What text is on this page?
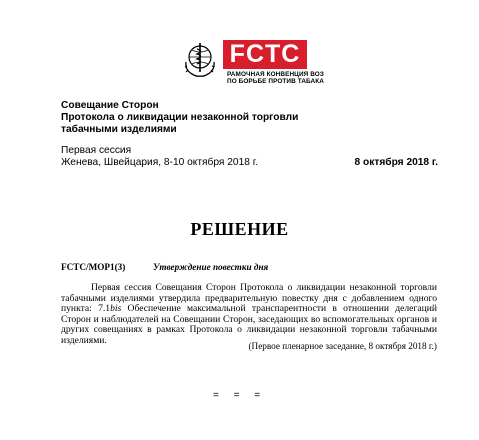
FCTC
РАМОЧНАЯ КОНВЕНЦИЯ ВОЗ
ПО БОРЬБЕ ПРОТИВ ТАБАКА
Совещание Сторон
Протокола о ликвидации незаконной торговли
табачными изделиями
Первая сессия
Женева, Швейцария, 8-10 октября 2018 г.	8 октября 2018 г.
РЕШЕНИЕ
FCTC/MOP1(3)	Утверждение повестки дня
Первая сессия Совещания Сторон Протокола о ликвидации незаконной торговли табачными изделиями утвердила предварительную повестку дня с добавлением одного пункта: 7.1bis Обеспечение максимальной транспарентности в отношении делегаций Сторон и наблюдателей на Совещании Сторон, заседающих во вспомогательных органов и других совещаниях в рамках Протокола о ликвидации незаконной торговли табачными изделиями.
(Первое пленарное заседание, 8 октября 2018 г.)
= = =
